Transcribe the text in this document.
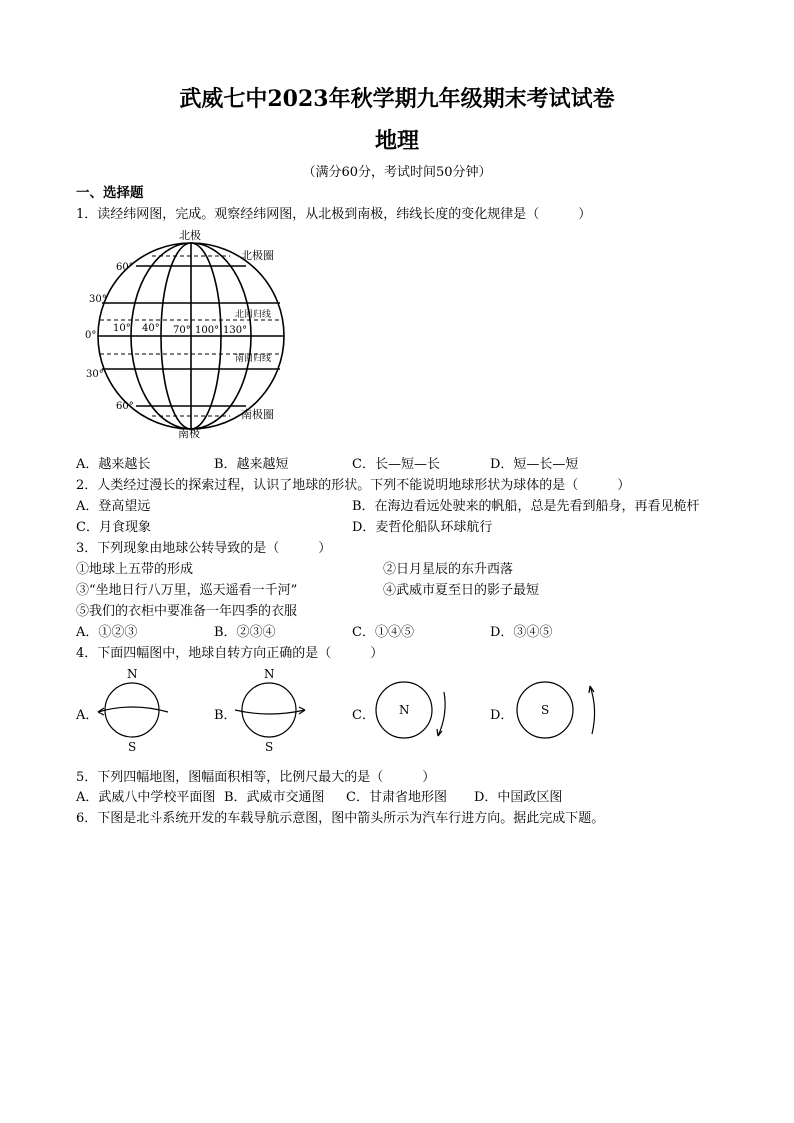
武威七中2023年秋学期九年级期末考试试卷
地理
（满分60分，考试时间50分钟）
一、选择题
1．读经纬网图，完成。观察经纬网图，从北极到南极，纬线长度的变化规律是（　　　）
北极
南极
北极圈
南极圈
北回归线
南回归线
60°
30°
0°
30°
60°
10° 40° 70° 100° 130°
A．越来越长	B．越来越短	C．长—短—长	D．短—长—短
2．人类经过漫长的探索过程，认识了地球的形状。下列不能说明地球形状为球体的是（　　　）
A．登高望远	B．在海边看远处驶来的帆船，总是先看到船身，再看见桅杆
C．月食现象	D．麦哲伦船队环球航行
3．下列现象由地球公转导致的是（　　　）
①地球上五带的形成	②日月星辰的东升西落
③“坐地日行八万里，巡天遥看一千河”	④武威市夏至日的影子最短
⑤我们的衣柜中要准备一年四季的衣服
A．①②③	B．②③④	C．①④⑤	D．③④⑤
4．下面四幅图中，地球自转方向正确的是（　　　）
A．
N
S
B．
N
S
C． N	D． S
5．下列四幅地图，图幅面积相等，比例尺最大的是（　　　）
A．武威八中学校平面图 B．武威市交通图 C．甘肃省地形图 D．中国政区图
6．下图是北斗系统开发的车载导航示意图，图中箭头所示为汽车行进方向。据此完成下题。
